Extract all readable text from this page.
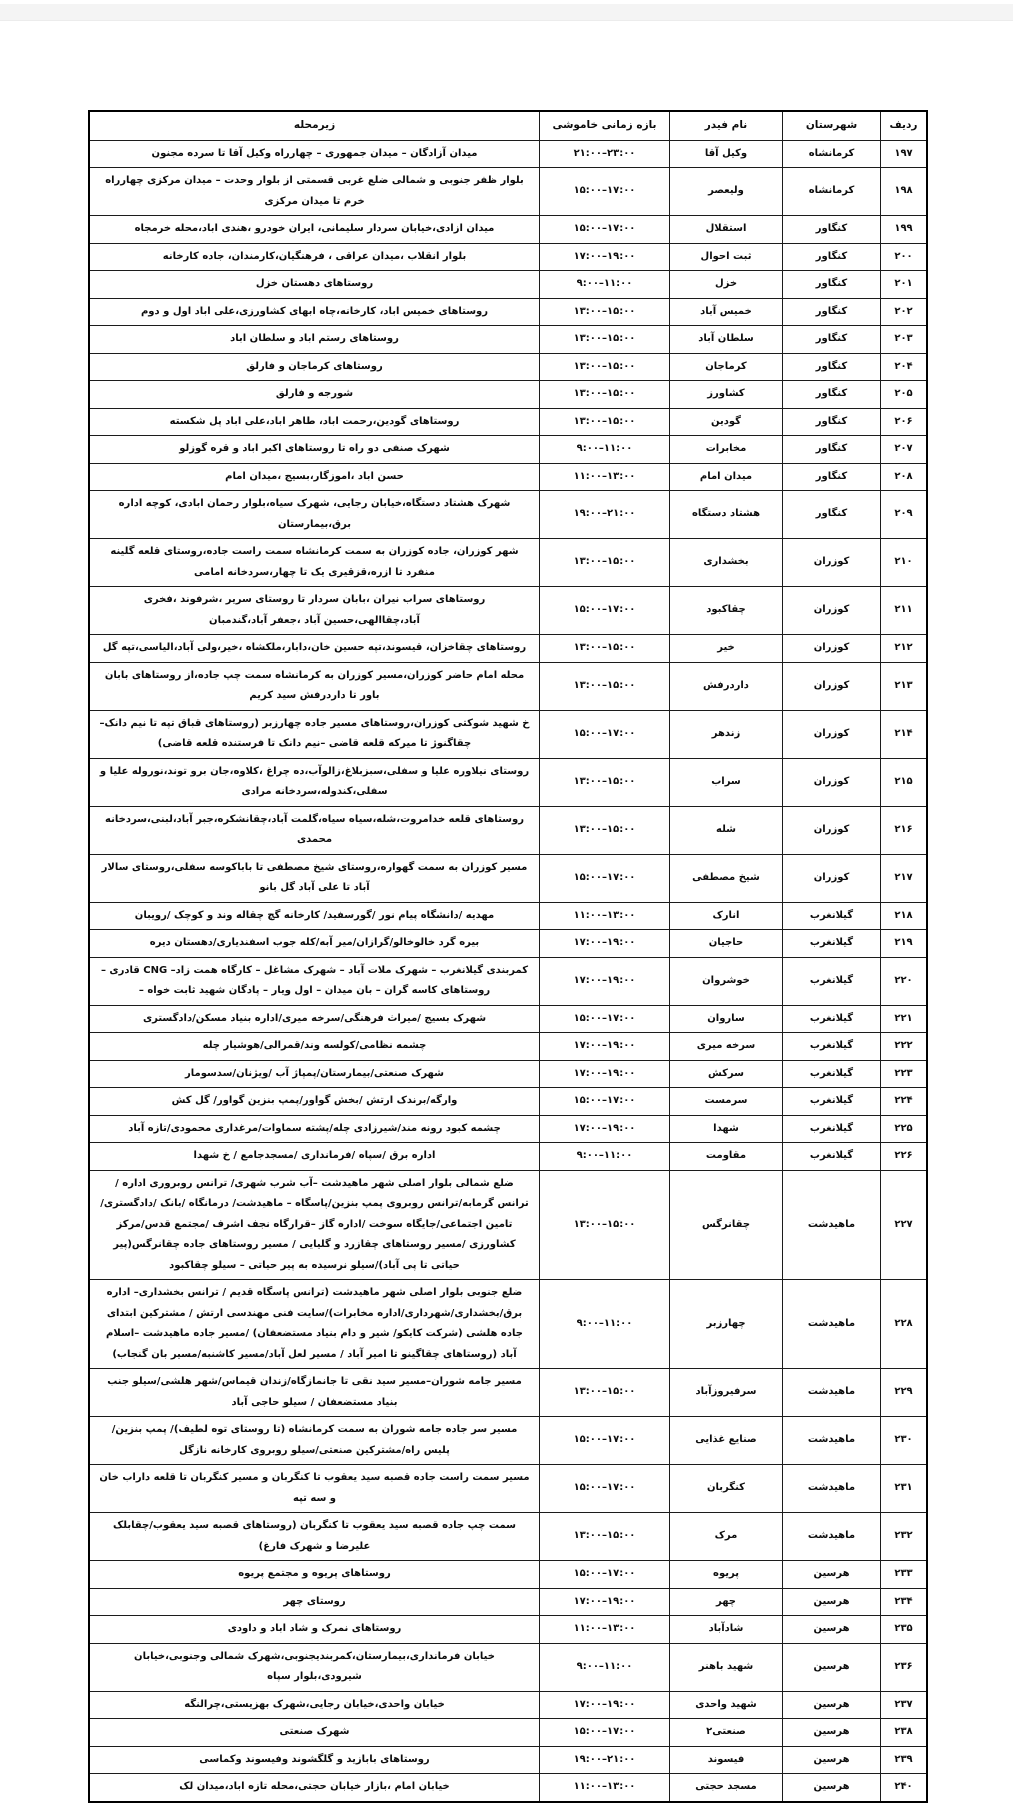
ردیف	شهرستان	نام فیدر	بازه زمانی خاموشی	زیرمحله
۱۹۷	کرمانشاه	وکیل آقا	۲۱:۰۰–۲۳:۰۰	میدان آزادگان – میدان جمهوری – چهارراه وکیل آقا تا سرده مجنون
۱۹۸	کرمانشاه	ولیعصر	۱۵:۰۰–۱۷:۰۰	بلوار ظفر جنوبی و شمالی ضلع غربی قسمتی از بلوار وحدت – میدان مرکزی چهارراه خرم تا میدان مرکزی
۱۹۹	کنگاور	استقلال	۱۵:۰۰–۱۷:۰۰	میدان ازادی،خیابان سردار سلیمانی، ایران خودرو ،هندی اباد،محله خرمجاه
۲۰۰	کنگاور	ثبت احوال	۱۷:۰۰–۱۹:۰۰	بلوار انقلاب ،میدان عراقی ، فرهنگیان،کارمندان، جاده کارخانه
۲۰۱	کنگاور	خزل	۹:۰۰–۱۱:۰۰	روستاهای دهستان خزل
۲۰۲	کنگاور	خمیس آباد	۱۳:۰۰–۱۵:۰۰	روستاهای خمیس اباد، کارخانه،چاه ابهای کشاورزی،علی اباد اول و دوم
۲۰۳	کنگاور	سلطان آباد	۱۳:۰۰–۱۵:۰۰	روستاهای رستم اباد و سلطان اباد
۲۰۴	کنگاور	کرماجان	۱۳:۰۰–۱۵:۰۰	روستاهای کرماجان و فارلق
۲۰۵	کنگاور	کشاورز	۱۳:۰۰–۱۵:۰۰	شورجه و فارلق
۲۰۶	کنگاور	گودین	۱۳:۰۰–۱۵:۰۰	روستاهای گودین،رحمت اباد، طاهر اباد،علی اباد پل شکسته
۲۰۷	کنگاور	مخابرات	۹:۰۰–۱۱:۰۰	شهرک صنفی دو راه تا روستاهای اکبر اباد و قره گوزلو
۲۰۸	کنگاور	میدان امام	۱۱:۰۰–۱۳:۰۰	حسن اباد ،اموزگار،بسیج ،میدان امام
۲۰۹	کنگاور	هشتاد دستگاه	۱۹:۰۰–۲۱:۰۰	شهرک هشتاد دستگاه،خیابان رجایی، شهرک سیاه،بلوار رحمان ابادی، کوچه اداره برق،بیمارستان
۲۱۰	کوزران	بخشداری	۱۳:۰۰–۱۵:۰۰	شهر کوزران، جاده کوزران به سمت کرمانشاه سمت راست جاده،روستای قلعه گلینه منفرد تا ازره،قزقیری یک تا چهار،سردخانه امامی
۲۱۱	کوزران	چقاکبود	۱۵:۰۰–۱۷:۰۰	روستاهای سراب نیران ،بابان سردار تا روستای سریر ،شرفوند ،فخری آباد،چقاالهی،حسین آباد ،جعفر آباد،گندمبان
۲۱۲	کوزران	خیر	۱۳:۰۰–۱۵:۰۰	روستاهای چقاخزان، قیسوند،تپه حسین خان،دابار،ملکشاه ،خیر،ولی آباد،الیاسی،تپه گل
۲۱۳	کوزران	داردرفش	۱۳:۰۰–۱۵:۰۰	محله امام حاضر کوزران،مسیر کوزران به کرمانشاه سمت چپ جاده،از روستاهای بابان باور تا داردرفش سید کریم
۲۱۴	کوزران	زندهر	۱۵:۰۰–۱۷:۰۰	خ شهید شوکتی کوزران،روستاهای مسیر جاده چهارزبر (روستاهای قباق تپه تا نیم دانک–چقاگنوژ تا میرکه قلعه قاضی –نیم دانک تا فرستنده قلعه قاضی)
۲۱۵	کوزران	سراب	۱۳:۰۰–۱۵:۰۰	روستای نیلاوره علیا و سفلی،سبزبلاغ،زالوآب،ده چراغ ،کلاوه،جان برو توند،نوروله علیا و سفلی،کندوله،سردخانه مرادی
۲۱۶	کوزران	شله	۱۳:۰۰–۱۵:۰۰	روستاهای قلعه خدامروت،شله،سیاه سیاه،گلمت آباد،چقانشکره،جبر آباد،لبنی،سردخانه محمدی
۲۱۷	کوزران	شیخ مصطفی	۱۵:۰۰–۱۷:۰۰	مسیر کوزران به سمت گهواره،روستای شیخ مصطفی تا باباکوسه سفلی،روستای سالار آباد تا علی آباد گل بانو
۲۱۸	گیلانغرب	انارک	۱۱:۰۰–۱۳:۰۰	مهدیه /دانشگاه پیام نور /گورسفید/ کارخانه گچ چقاله وند و کوچک /رویبان
۲۱۹	گیلانغرب	حاجیان	۱۷:۰۰–۱۹:۰۰	بیره گرد خالوخالو/گرازان/میر آبه/کله جوب اسفندیاری/دهستان دیره
۲۲۰	گیلانغرب	خوشروان	۱۷:۰۰–۱۹:۰۰	کمربندی گیلانغرب – شهرک ملات آباد – شهرک مشاغل – کارگاه همت زاد– CNG قادری – روستاهای کاسه گران – بان میدان – اول ویار – پادگان شهید ثابت خواه –
۲۲۱	گیلانغرب	ساروان	۱۵:۰۰–۱۷:۰۰	شهرک بسیج /میراث فرهنگی/سرخه میری/اداره بنیاد مسکن/دادگستری
۲۲۲	گیلانغرب	سرخه میری	۱۷:۰۰–۱۹:۰۰	چشمه نظامی/کولسه وند/قمرالی/هوشیار چله
۲۲۳	گیلانغرب	سرکش	۱۷:۰۰–۱۹:۰۰	شهرک صنعتی/بیمارستان/پمپاژ آب /ویژنان/سدسومار
۲۲۴	گیلانغرب	سرمست	۱۵:۰۰–۱۷:۰۰	وارگه/برندک ارتش /بخش گواور/پمپ بنزین گواور/ گل کش
۲۲۵	گیلانغرب	شهدا	۱۷:۰۰–۱۹:۰۰	چشمه کبود رونه مند/شیرزادی چله/پشته سماوات/مرغداری محمودی/تازه آباد
۲۲۶	گیلانغرب	مقاومت	۹:۰۰–۱۱:۰۰	اداره برق /سپاه /فرمانداری /مسجدجامع / خ شهدا
۲۲۷	ماهیدشت	چقانرگس	۱۳:۰۰–۱۵:۰۰	ضلع شمالی بلوار اصلی شهر ماهیدشت –آب شرب شهری/ ترانس روبروری اداره / ترانس گرمابه/ترانس روبروی پمپ بنزین/پاسگاه – ماهیدشت/ درمانگاه /بانک /دادگستری/تامین اجتماعی/جایگاه سوخت /اداره گاز –قرارگاه نجف اشرف /مجتمع قدس/مرکز کشاورزی /مسیر روستاهای چقازرد و گلیایی / مسیر روستاهای جاده چقانرگس(پیر حیاتی تا پی آباد)/سیلو نرسیده به پیر حیاتی – سیلو چقاکبود
۲۲۸	ماهیدشت	چهارزبر	۹:۰۰–۱۱:۰۰	ضلع جنوبی بلوار اصلی شهر ماهیدشت (ترانس پاسگاه قدیم / ترانس بخشداری– اداره برق/بخشداری/شهرداری/اداره مخابرات)/سایت فنی مهندسی ارتش / مشترکین ابتدای جاده هلشی (شرکت کایکو/ شیر و دام بنیاد مستضعفان) /مسیر جاده ماهیدشت –اسلام آباد (روستاهای چقاگینو تا امیر آباد / مسیر لعل آباد/مسیر کاشنبه/مسیر بان گنجاب)
۲۲۹	ماهیدشت	سرفیروزآباد	۱۳:۰۰–۱۵:۰۰	مسیر جامه شوران–مسیر سید نقی تا جانمازگاه/زندان قیماس/شهر هلشی/سیلو جنب بنیاد مستضعفان / سیلو حاجی آباد
۲۳۰	ماهیدشت	صنایع غذایی	۱۵:۰۰–۱۷:۰۰	مسیر سر جاده جامه شوران به سمت کرمانشاه (تا روستای توه لطیف)/ پمپ بنزین/پلیس راه/مشترکین صنعتی/سیلو روبروی کارخانه نازگل
۲۳۱	ماهیدشت	کنگربان	۱۵:۰۰–۱۷:۰۰	مسیر سمت راست جاده قصبه سید یعقوب تا کنگربان و مسیر کنگربان تا قلعه داراب خان و سه تپه
۲۳۲	ماهیدشت	مرک	۱۳:۰۰–۱۵:۰۰	سمت چپ جاده قصبه سید یعقوب تا کنگربان (روستاهای قصبه سید یعقوب/چقابلک علیرضا و شهرک فارغ)
۲۳۳	هرسین	پریوه	۱۵:۰۰–۱۷:۰۰	روستاهای پریوه و مجتمع پریوه
۲۳۴	هرسین	چهر	۱۷:۰۰–۱۹:۰۰	روستای چهر
۲۳۵	هرسین	شادآباد	۱۱:۰۰–۱۳:۰۰	روستاهای نمرک و شاد اباد و داودی
۲۳۶	هرسین	شهید باهنر	۹:۰۰–۱۱:۰۰	خیابان فرمانداری،بیمارستان،کمربندیجنوبی،شهرک شمالی وجنوبی،خیابان شیرودی،بلوار سپاه
۲۳۷	هرسین	شهید واحدی	۱۷:۰۰–۱۹:۰۰	خیابان واحدی،خیابان رجایی،شهرک بهزیستی،چرالنگه
۲۳۸	هرسین	صنعتی۲	۱۵:۰۰–۱۷:۰۰	شهرک صنعتی
۲۳۹	هرسین	فیسوند	۱۹:۰۰–۲۱:۰۰	روستاهای بابازید و گلگشوند وفیسوند وکماسی
۲۴۰	هرسین	مسجد حجتی	۱۱:۰۰–۱۳:۰۰	خیابان امام ،بازار خیابان حجتی،محله تازه اباد،میدان لک
